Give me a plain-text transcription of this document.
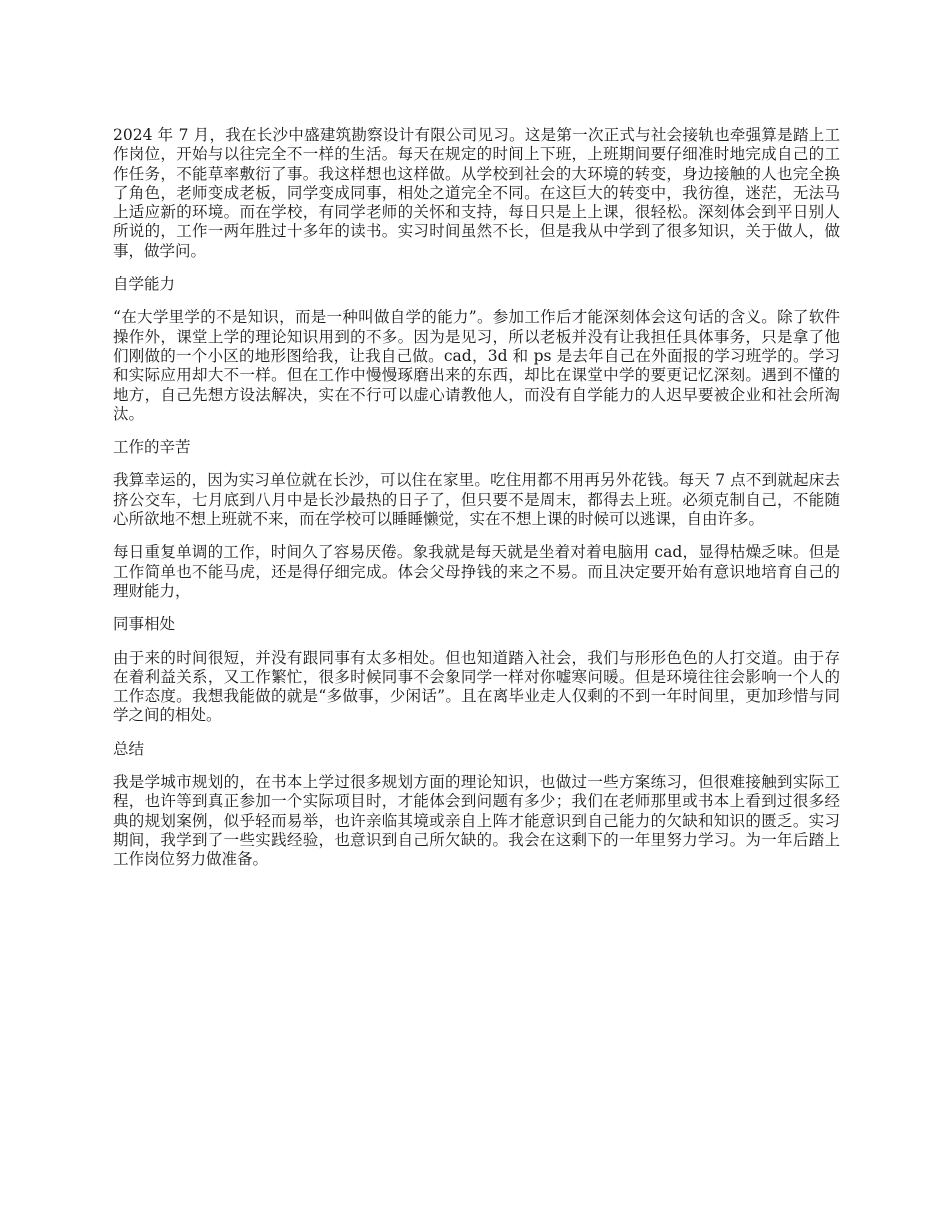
2024 年 7 月，我在长沙中盛建筑勘察设计有限公司见习。这是第一次正式与社会接轨也牵强算是踏上工作岗位，开始与以往完全不一样的生活。每天在规定的时间上下班，上班期间要仔细准时地完成自己的工作任务，不能草率敷衍了事。我这样想也这样做。从学校到社会的大环境的转变，身边接触的人也完全换了角色，老师变成老板，同学变成同事，相处之道完全不同。在这巨大的转变中，我彷徨，迷茫，无法马上适应新的环境。而在学校，有同学老师的关怀和支持，每日只是上上课，很轻松。深刻体会到平日别人所说的，工作一两年胜过十多年的读书。实习时间虽然不长，但是我从中学到了很多知识，关于做人，做事，做学问。

自学能力

“在大学里学的不是知识，而是一种叫做自学的能力”。参加工作后才能深刻体会这句话的含义。除了软件操作外，课堂上学的理论知识用到的不多。因为是见习，所以老板并没有让我担任具体事务，只是拿了他们刚做的一个小区的地形图给我，让我自己做。cad，3d 和 ps 是去年自己在外面报的学习班学的。学习和实际应用却大不一样。但在工作中慢慢琢磨出来的东西，却比在课堂中学的要更记忆深刻。遇到不懂的地方，自己先想方设法解决，实在不行可以虚心请教他人，而没有自学能力的人迟早要被企业和社会所淘汰。

工作的辛苦

我算幸运的，因为实习单位就在长沙，可以住在家里。吃住用都不用再另外花钱。每天 7 点不到就起床去挤公交车，七月底到八月中是长沙最热的日子了，但只要不是周末，都得去上班。必须克制自己，不能随心所欲地不想上班就不来，而在学校可以睡睡懒觉，实在不想上课的时候可以逃课，自由许多。

每日重复单调的工作，时间久了容易厌倦。象我就是每天就是坐着对着电脑用 cad，显得枯燥乏味。但是工作简单也不能马虎，还是得仔细完成。体会父母挣钱的来之不易。而且决定要开始有意识地培育自己的理财能力，

同事相处

由于来的时间很短，并没有跟同事有太多相处。但也知道踏入社会，我们与形形色色的人打交道。由于存在着利益关系，又工作繁忙，很多时候同事不会象同学一样对你嘘寒问暖。但是环境往往会影响一个人的工作态度。我想我能做的就是“多做事，少闲话”。且在离毕业走人仅剩的不到一年时间里，更加珍惜与同学之间的相处。

总结

我是学城市规划的，在书本上学过很多规划方面的理论知识，也做过一些方案练习，但很难接触到实际工程，也许等到真正参加一个实际项目时，才能体会到问题有多少；我们在老师那里或书本上看到过很多经典的规划案例，似乎轻而易举，也许亲临其境或亲自上阵才能意识到自己能力的欠缺和知识的匮乏。实习期间，我学到了一些实践经验，也意识到自己所欠缺的。我会在这剩下的一年里努力学习。为一年后踏上工作岗位努力做准备。
